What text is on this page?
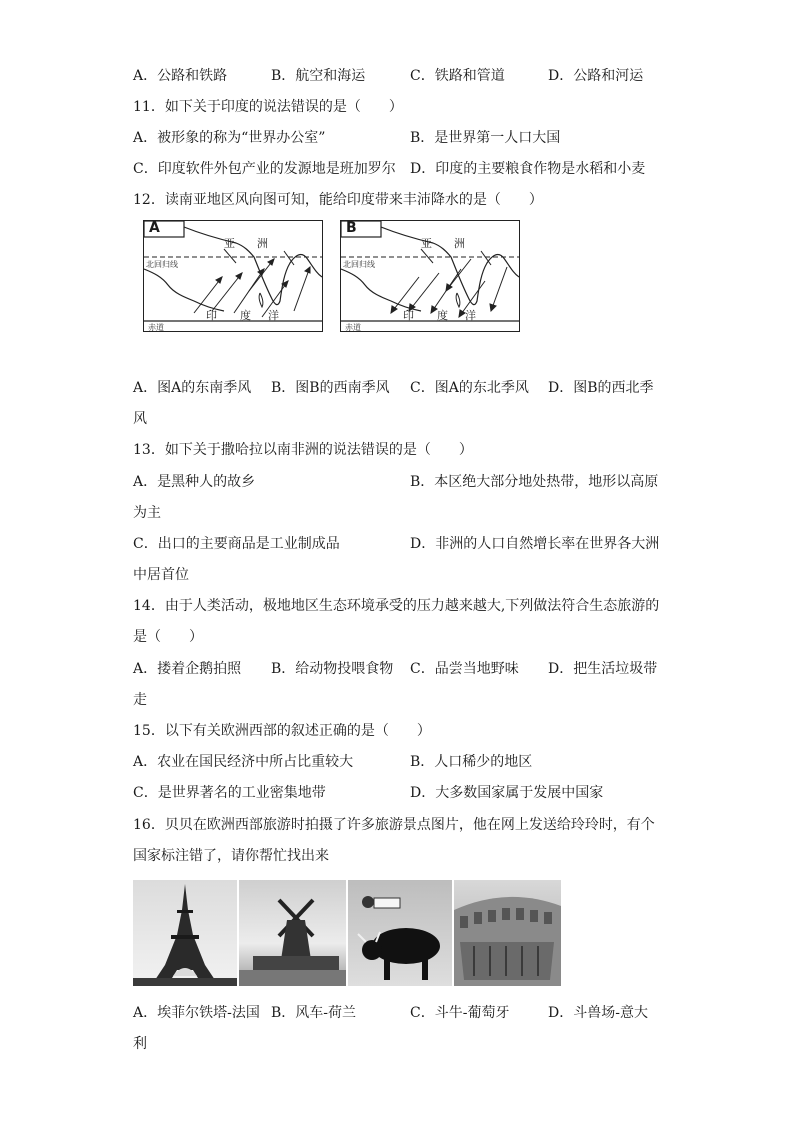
A．公路和铁路	B．航空和海运	C．铁路和管道	D．公路和河运
11．如下关于印度的说法错误的是（　　）
A．被形象的称为“世界办公室”	B．是世界第一人口大国
C．印度软件外包产业的发源地是班加罗尔 D．印度的主要粮食作物是水稻和小麦
12．读南亚地区风向图可知，能给印度带来丰沛降水的是（　　）
A
亚　　洲
北回归线
印 度 洋
赤道
B
亚　　洲
北回归线
印 度 洋
赤道
A．图A的东南季风 B．图B的西南季风 C．图A的东北季风 D．图B的西北季
风
13．如下关于撒哈拉以南非洲的说法错误的是（　　）
A．是黑种人的故乡	B．本区绝大部分地处热带，地形以高原
为主
C．出口的主要商品是工业制成品	D．非洲的人口自然增长率在世界各大洲
中居首位
14．由于人类活动，极地地区生态环境承受的压力越来越大,下列做法符合生态旅游的
是（　　）
A．搂着企鹅拍照 B．给动物投喂食物 C．品尝当地野味 D．把生活垃圾带
走
15．以下有关欧洲西部的叙述正确的是（　　）
A．农业在国民经济中所占比重较大	B．人口稀少的地区
C．是世界著名的工业密集地带	D．大多数国家属于发展中国家
16．贝贝在欧洲西部旅游时拍摄了许多旅游景点图片，他在网上发送给玲玲时，有个
国家标注错了，请你帮忙找出来
A．埃菲尔铁塔-法国 B．风车-荷兰	C．斗牛-葡萄牙	D．斗兽场-意大
利
